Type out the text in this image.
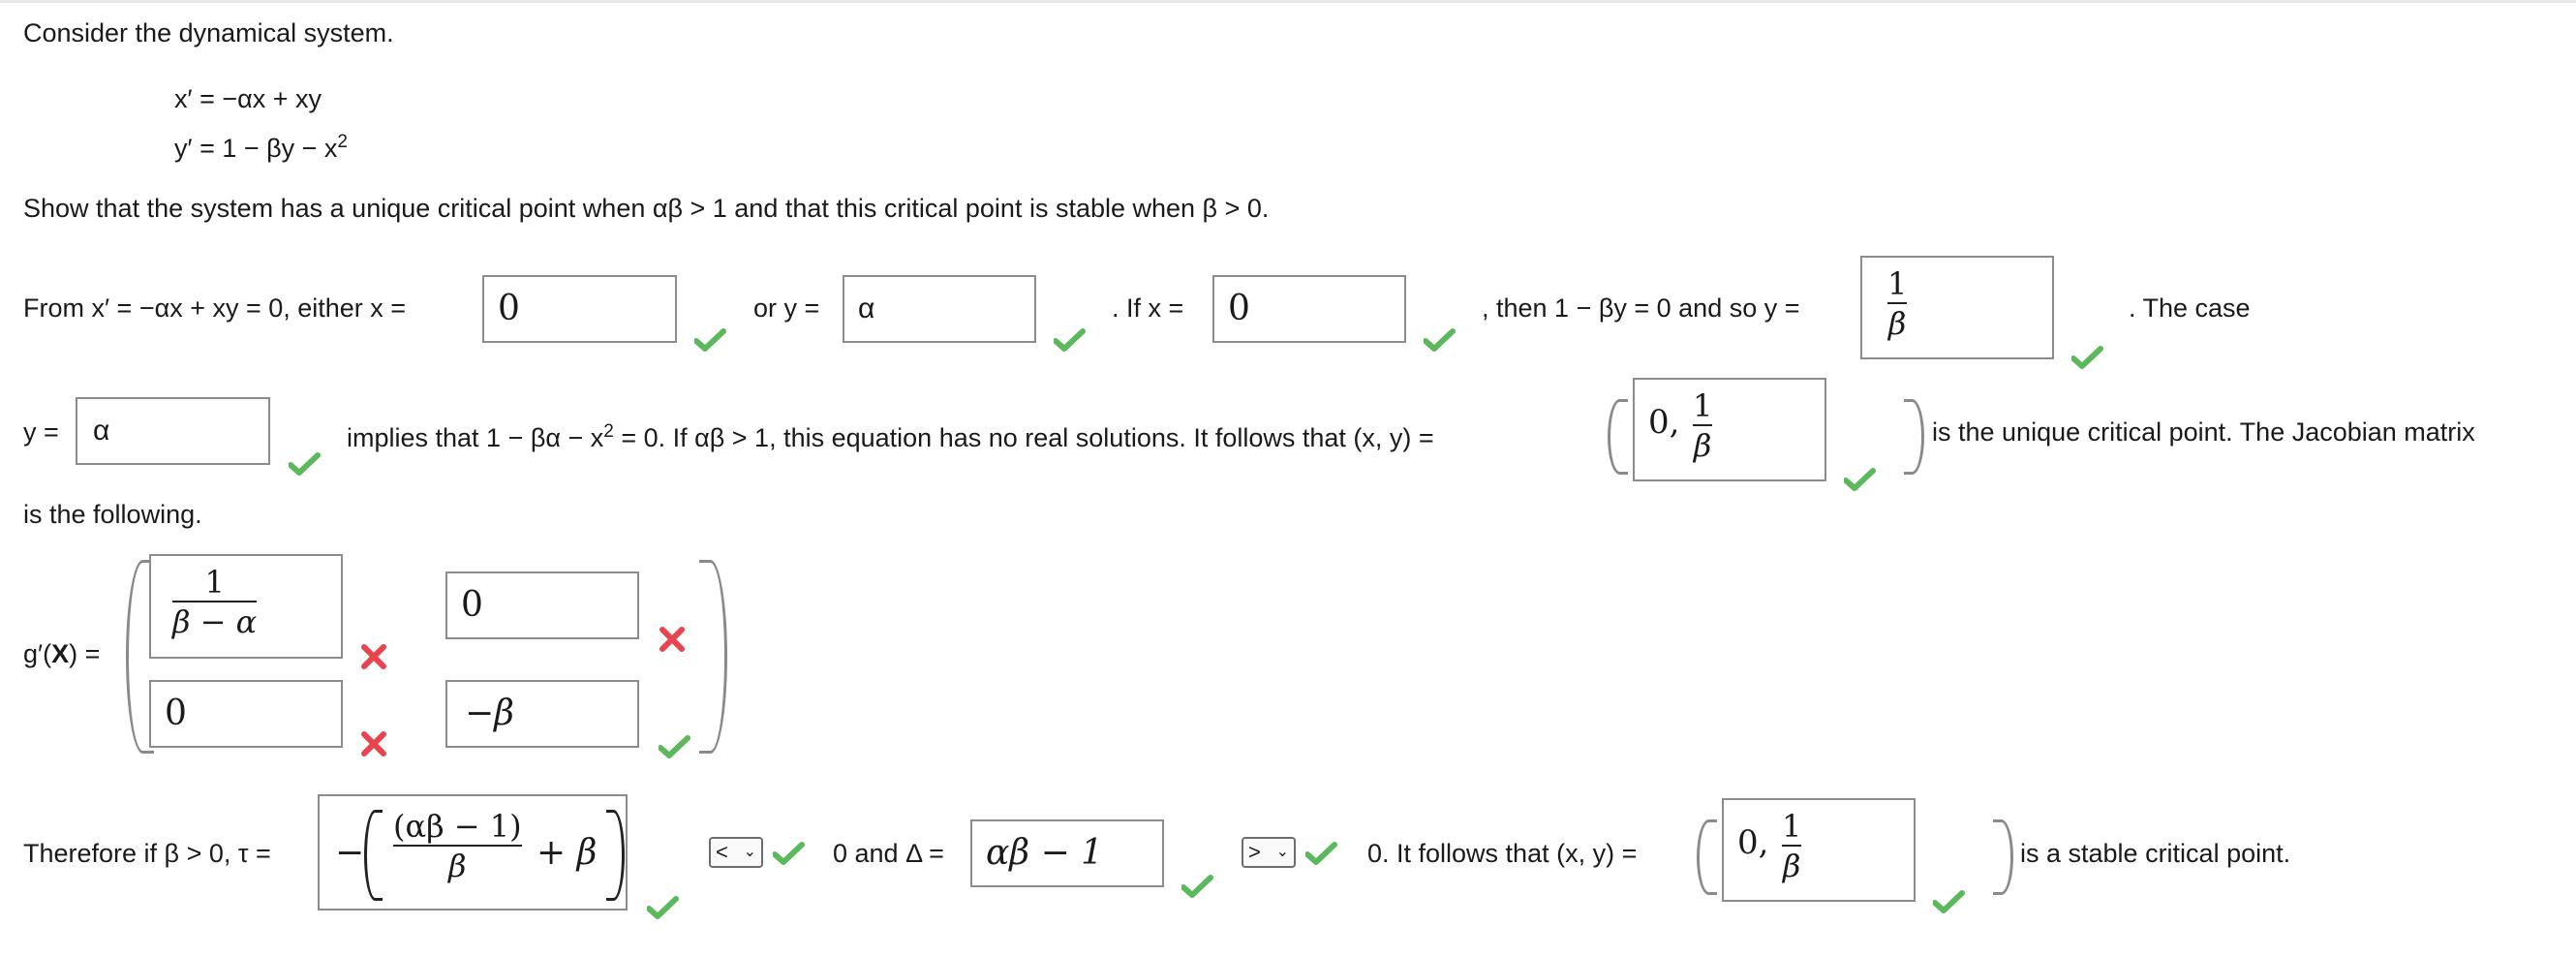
Consider the dynamical system.
x′ = −αx + xy
$y' = 1 - \beta y - x^2$
Show that the system has a unique critical point when αβ > 1 and that this critical point is stable when β > 0.
From x′ = −αx + xy = 0, either x =	0	or y = α	. If x = 0	, then 1 − βy = 0 and so y =
1
β	. The case
y = α	implies that $1 - \beta\alpha - x^2 = 0$. If αβ > 1, this equation has no real solutions. It follows that (x, y) =	0, 1
β	is the unique critical point. The Jacobian matrix
is the following.
g′(X) =
1
β − α	0
0	−β
Therefore if β > 0, τ = −
(αβ − 1)
β + β	< ⌄	0 and Δ = αβ − 1	> ⌄	0. It follows that (x, y) =	0, 1
β	is a stable critical point.
